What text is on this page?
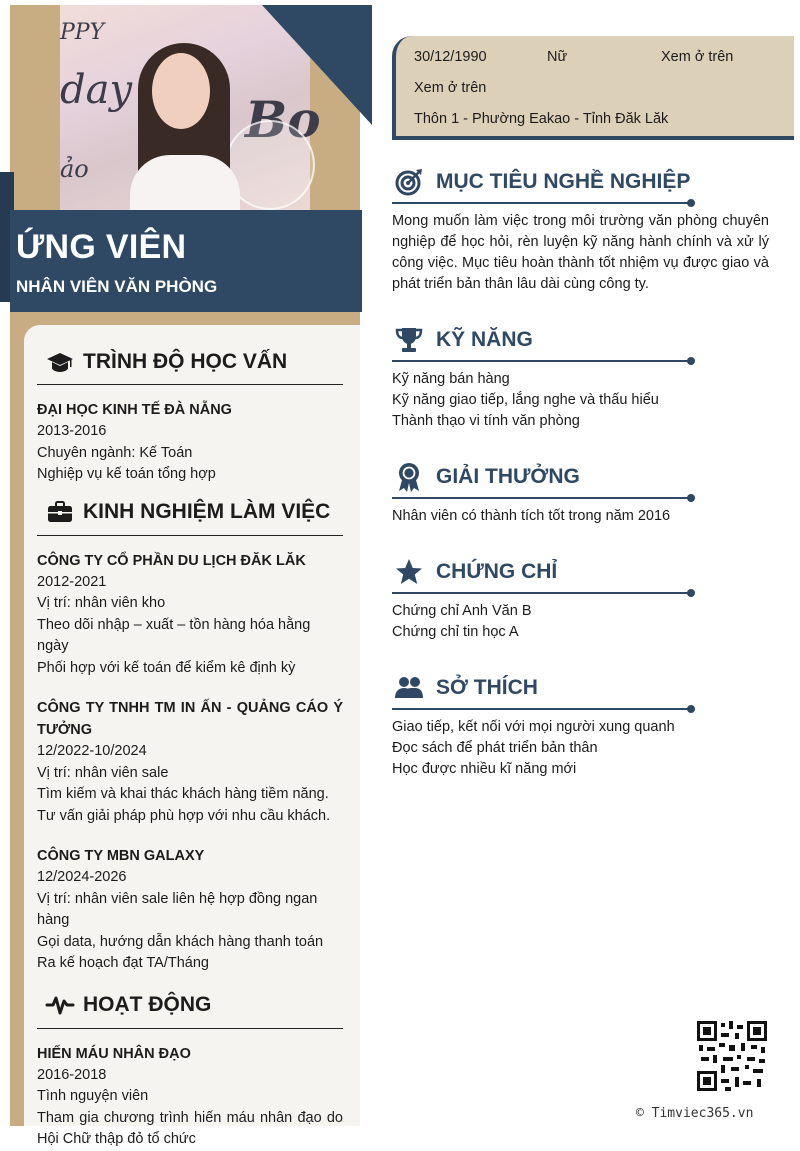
PPY
day Bo
ảo
ỨNG VIÊN
NHÂN VIÊN VĂN PHÒNG
TRÌNH ĐỘ HỌC VẤN
ĐẠI HỌC KINH TẾ ĐÀ NẴNG
2013-2016
Chuyên ngành: Kế Toán
Nghiệp vụ kế toán tổng hợp
KINH NGHIỆM LÀM VIỆC
CÔNG TY CỔ PHẦN DU LỊCH ĐĂK LĂK
2012-2021
Vị trí: nhân viên kho
Theo dõi nhập – xuất – tồn hàng hóa hằng ngày
Phối hợp với kế toán để kiểm kê định kỳ
CÔNG TY TNHH TM IN ẤN - QUẢNG CÁO Ý TƯỞNG
12/2022-10/2024
Vị trí: nhân viên sale
Tìm kiếm và khai thác khách hàng tiềm năng.
Tư vấn giải pháp phù hợp với nhu cầu khách.
CÔNG TY MBN GALAXY
12/2024-2026
Vị trí: nhân viên sale liên hệ hợp đồng ngan hàng
Gọi data, hướng dẫn khách hàng thanh toán
Ra kế hoạch đạt TA/Tháng
HOẠT ĐỘNG
HIẾN MÁU NHÂN ĐẠO
2016-2018
Tình nguyện viên
Tham gia chương trình hiến máu nhân đạo do Hội Chữ thập đỏ tổ chức
30/12/1990	Nữ	Xem ở trên
Xem ở trên
Thôn 1 - Phường Eakao - Tỉnh Đăk Lăk
MỤC TIÊU NGHỀ NGHIỆP
Mong muốn làm việc trong môi trường văn phòng chuyên nghiệp để học hỏi, rèn luyện kỹ năng hành chính và xử lý công việc. Mục tiêu hoàn thành tốt nhiệm vụ được giao và phát triển bản thân lâu dài cùng công ty.
KỸ NĂNG
Kỹ năng bán hàng
Kỹ năng giao tiếp, lắng nghe và thấu hiểu
Thành thạo vi tính văn phòng
GIẢI THƯỞNG
Nhân viên có thành tích tốt trong năm 2016
CHỨNG CHỈ
Chứng chỉ Anh Văn B
Chứng chỉ tin học A
SỞ THÍCH
Giao tiếp, kết nối với mọi người xung quanh
Đọc sách để phát triển bản thân
Học được nhiều kĩ năng mới
© Timviec365.vn
